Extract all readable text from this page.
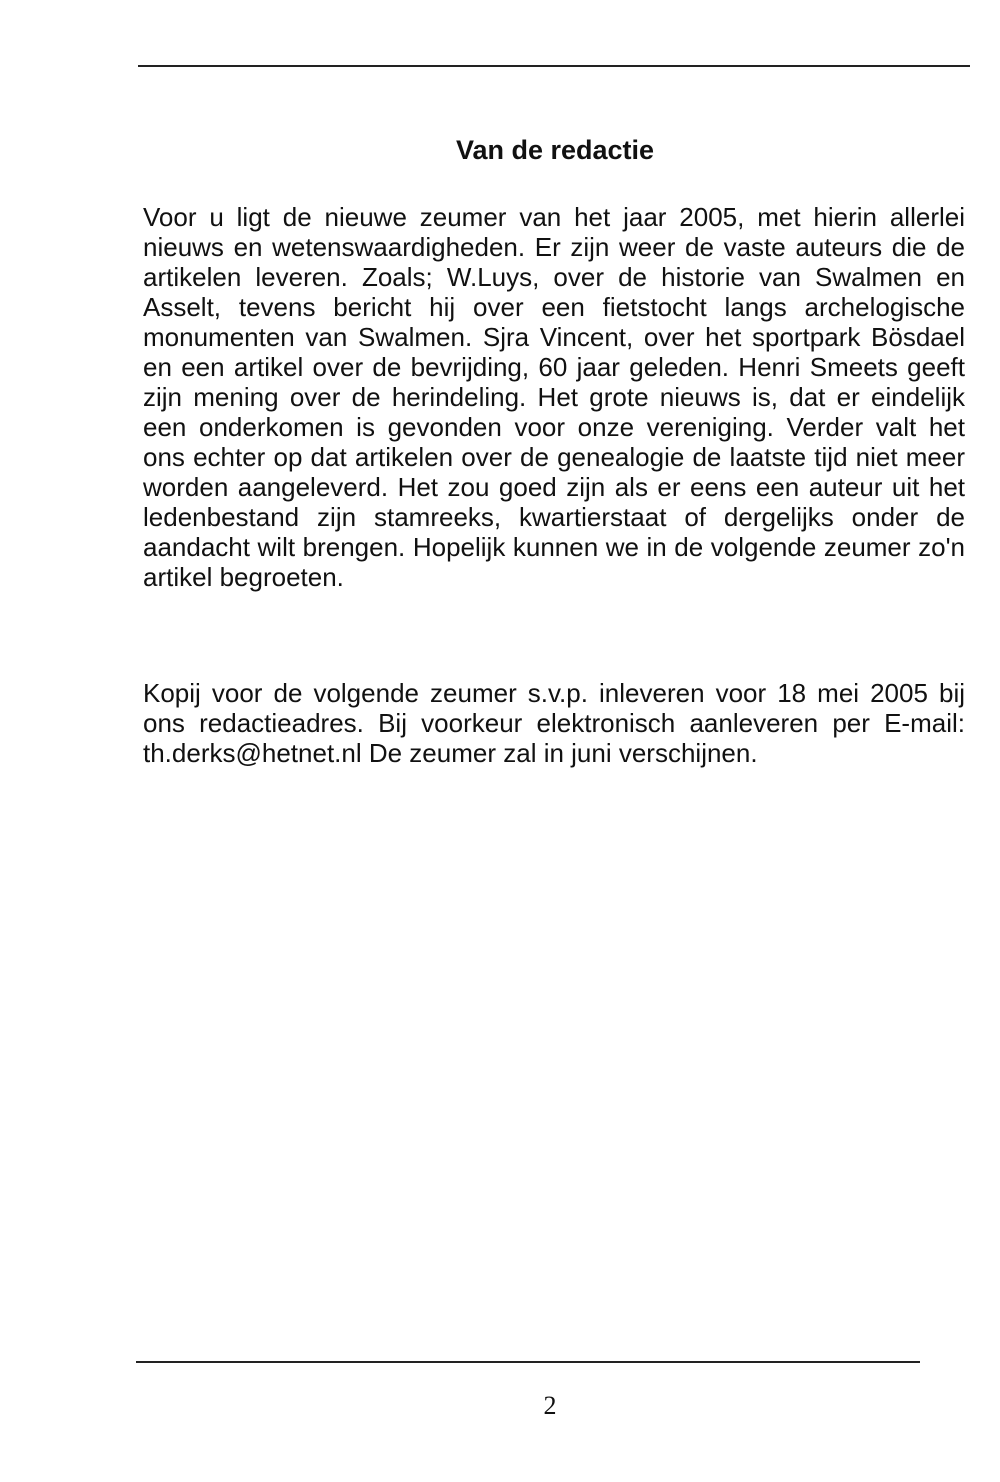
Van de redactie

Voor u ligt de nieuwe zeumer van het jaar 2005, met hierin allerlei nieuws en wetenswaardigheden. Er zijn weer de vaste auteurs die de artikelen leveren. Zoals; W.Luys, over de historie van Swalmen en Asselt, tevens bericht hij over een fietstocht langs archelogische monumenten van Swalmen. Sjra Vincent, over het sportpark Bösdael en een artikel over de bevrijding, 60 jaar geleden. Henri Smeets geeft zijn mening over de herindeling. Het grote nieuws is, dat er eindelijk een onderkomen is gevonden voor onze vereniging. Verder valt het ons echter op dat artikelen over de genealogie de laatste tijd niet meer worden aangeleverd. Het zou goed zijn als er eens een auteur uit het ledenbestand zijn stamreeks, kwartierstaat of dergelijks onder de aandacht wilt brengen. Hopelijk kunnen we in de volgende zeumer zo'n artikel begroeten.

Kopij voor de volgende zeumer s.v.p. inleveren voor 18 mei 2005 bij ons redactieadres. Bij voorkeur elektronisch aanleveren per E-mail: th.derks@hetnet.nl De zeumer zal in juni verschijnen.

2
